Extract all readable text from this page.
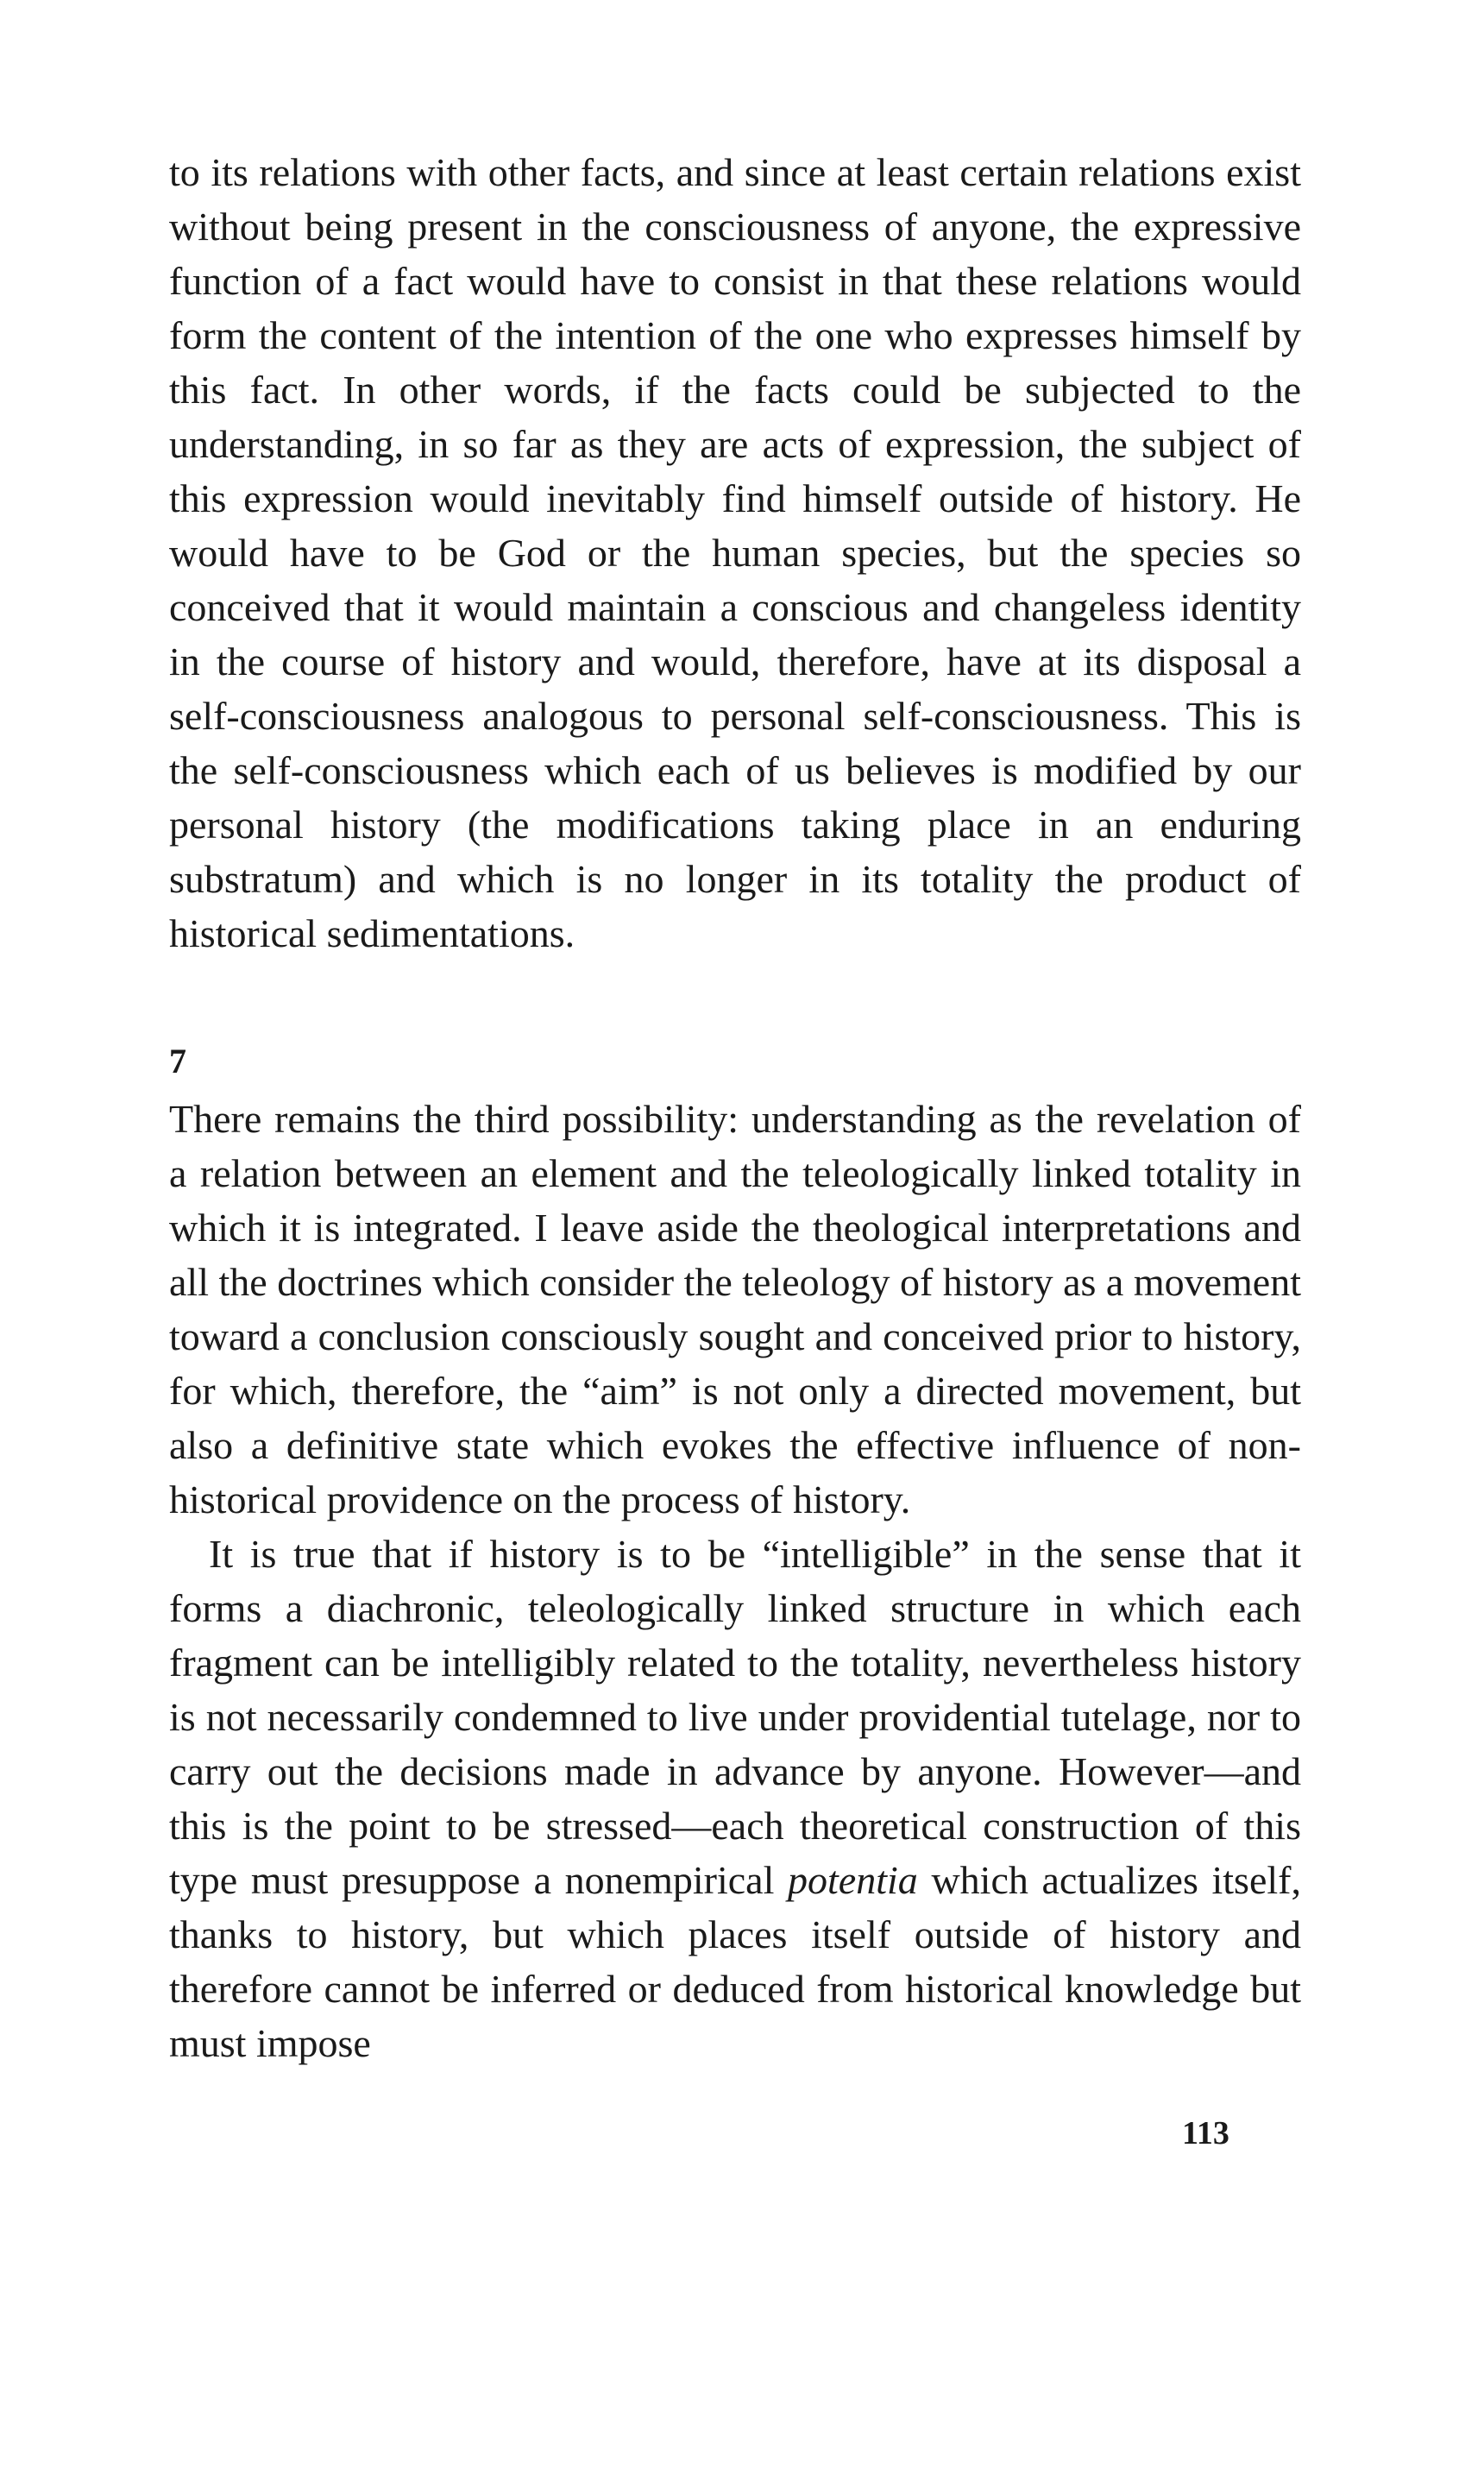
to its relations with other facts, and since at least certain relations exist without being present in the consciousness of anyone, the expressive function of a fact would have to consist in that these relations would form the content of the intention of the one who expresses himself by this fact. In other words, if the facts could be subjected to the understanding, in so far as they are acts of expression, the subject of this expression would inevitably find himself outside of history. He would have to be God or the human species, but the species so conceived that it would maintain a conscious and changeless identity in the course of history and would, therefore, have at its disposal a self-consciousness analogous to personal self-consciousness. This is the self-consciousness which each of us believes is modified by our personal history (the modifications taking place in an enduring substratum) and which is no longer in its totality the product of historical sedimentations.

7

There remains the third possibility: understanding as the revelation of a relation between an element and the teleologically linked totality in which it is integrated. I leave aside the theological interpretations and all the doctrines which consider the teleology of history as a movement toward a conclusion consciously sought and conceived prior to history, for which, therefore, the “aim” is not only a directed movement, but also a definitive state which evokes the effective influence of non-historical providence on the process of history.

It is true that if history is to be “intelligible” in the sense that it forms a diachronic, teleologically linked structure in which each fragment can be intelligibly related to the totality, nevertheless history is not necessarily condemned to live under providential tutelage, nor to carry out the decisions made in advance by anyone. However—and this is the point to be stressed—each theoretical construction of this type must presuppose a nonempirical potentia which actualizes itself, thanks to history, but which places itself outside of history and therefore cannot be inferred or deduced from historical knowledge but must impose

113
